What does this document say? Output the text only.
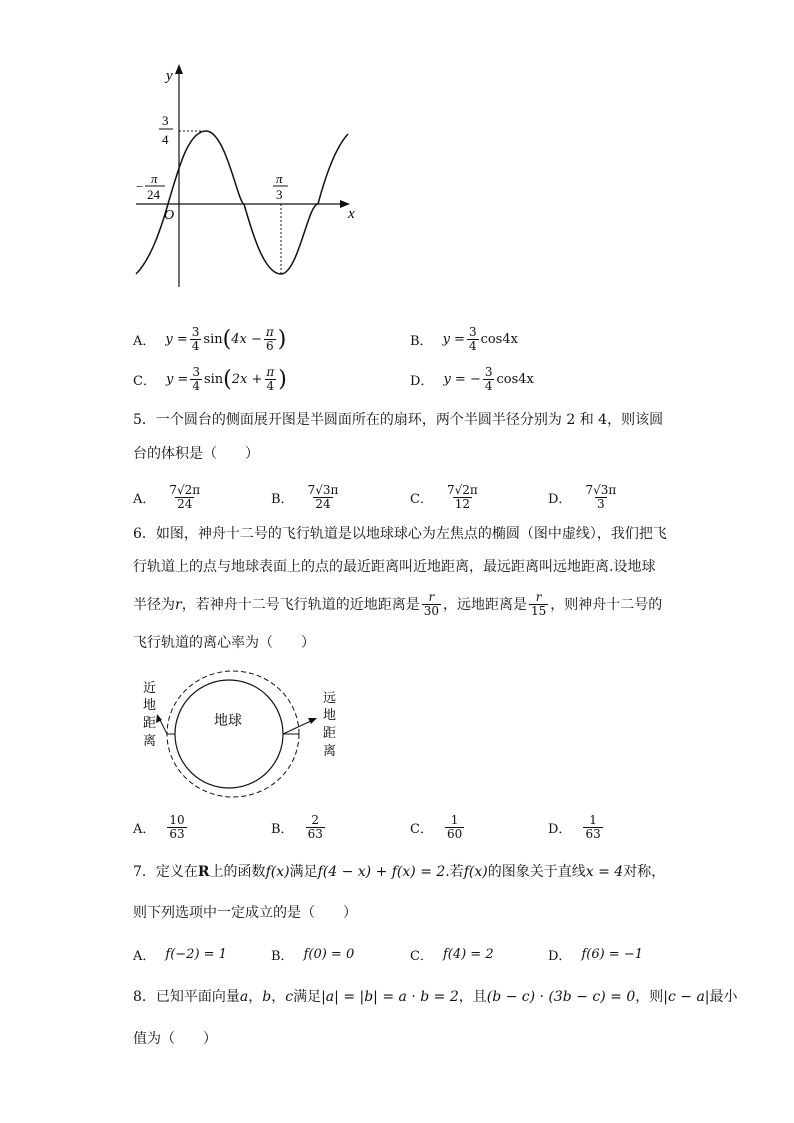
y
x
O
3
4
−
π
24
π
3
A． $y = \frac{3}{4}$ sin ( $4x - \frac{\pi}{6}$ )	B． $y = \frac{3}{4} \cos 4x$
C． $y = \frac{3}{4}$ sin ( $2x + \frac{\pi}{4}$ )	D． y = − $\frac{3}{4} \cos 4x$
5．一个圆台的侧面展开图是半圆面所在的扇环，两个半圆半径分别为 2 和 4，则该圆
台的体积是（　　）
A． $\frac{7√2\pi}{24}$	B． $\frac{7√3\pi}{24}$	C． $\frac{7√2\pi}{12}$	D． $\frac{7√3\pi}{3}$
6．如图，神舟十二号的飞行轨道是以地球球心为左焦点的椭圆（图中虚线），我们把飞
行轨道上的点与地球表面上的点的最近距离叫近地距离，最远距离叫远地距离.设地球
半径为 r ，若神舟十二号飞行轨道的近地距离是 $\frac{r}{30}$ ，远地距离是 $\frac{r}{15}$ ，则神舟十二号的
飞行轨道的离心率为（　　）
地球
近
地
距
离
远
地
距
离
A． $\frac{10}{63}$	B． $\frac{2}{63}$	C． $\frac{1}{60}$	D． $\frac{1}{63}$
7．定义在R上的函数f(x)满足f(4 − x) + f(x) = 2.若f(x)的图象关于直线x = 4对称，
则下列选项中一定成立的是（　　）
A． f(−2) = 1	B． f(0) = 0	C． f(4) = 2	D． f(6) = −1
8．已知平面向量a，b，c满足|a| = |b| = a · b = 2，且(b − c) · (3b − c) = 0，则|c − a|最小
值为（　　）
